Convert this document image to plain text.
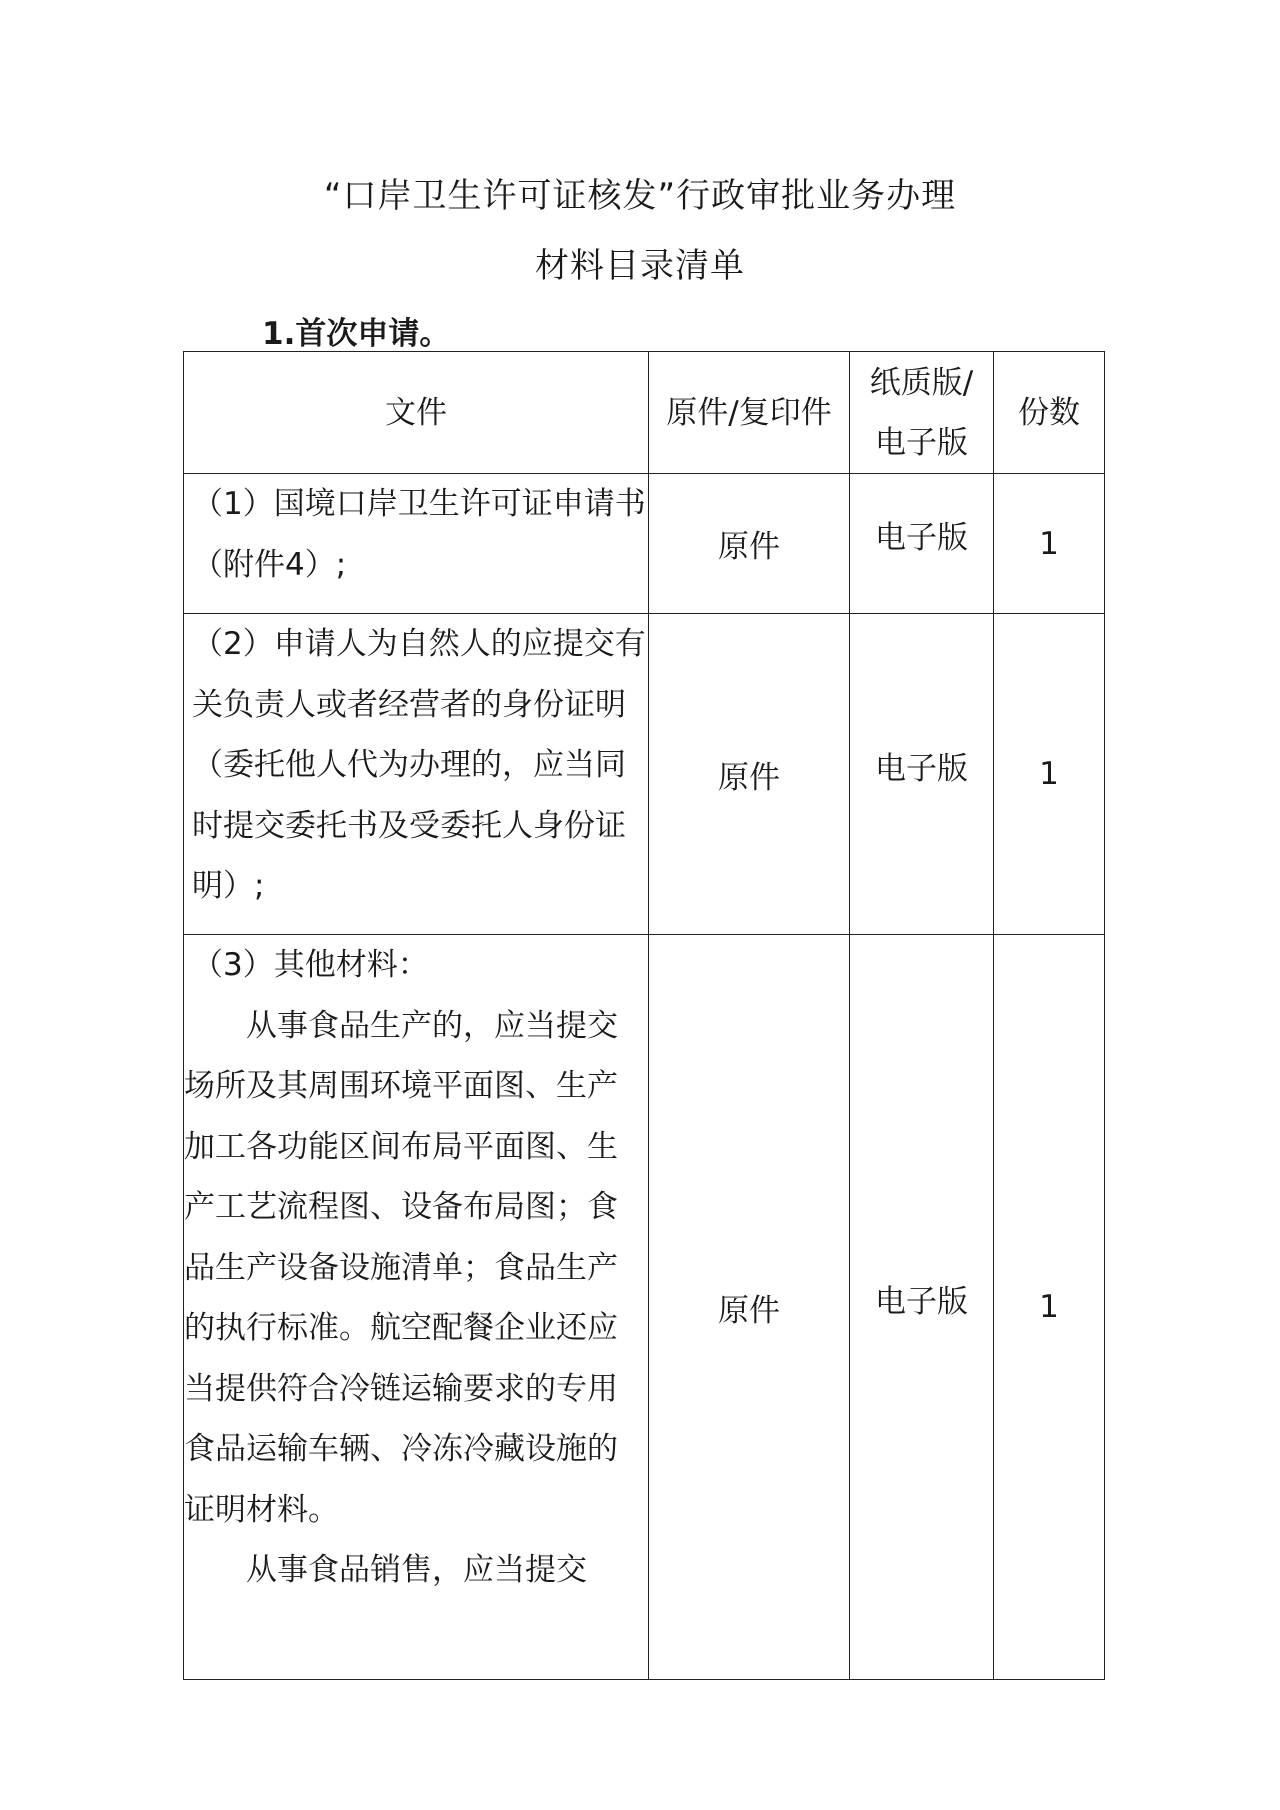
“口岸卫生许可证核发”行政审批业务办理
材料目录清单

1.首次申请。

文件	原件/复印件	纸质版/电子版	份数

（1）国境口岸卫生许可证申请书（附件4）;	原件	电子版	1

（2）申请人为自然人的应提交有关负责人或者经营者的身份证明（委托他人代为办理的，应当同时提交委托书及受委托人身份证明）;	原件	电子版	1

（3）其他材料：

从事食品生产的，应当提交场所及其周围环境平面图、生产加工各功能区间布局平面图、生产工艺流程图、设备布局图；食品生产设备设施清单；食品生产的执行标准。航空配餐企业还应当提供符合冷链运输要求的专用食品运输车辆、冷冻冷藏设施的证明材料。

从事食品销售，应当提交	原件	电子版	1
